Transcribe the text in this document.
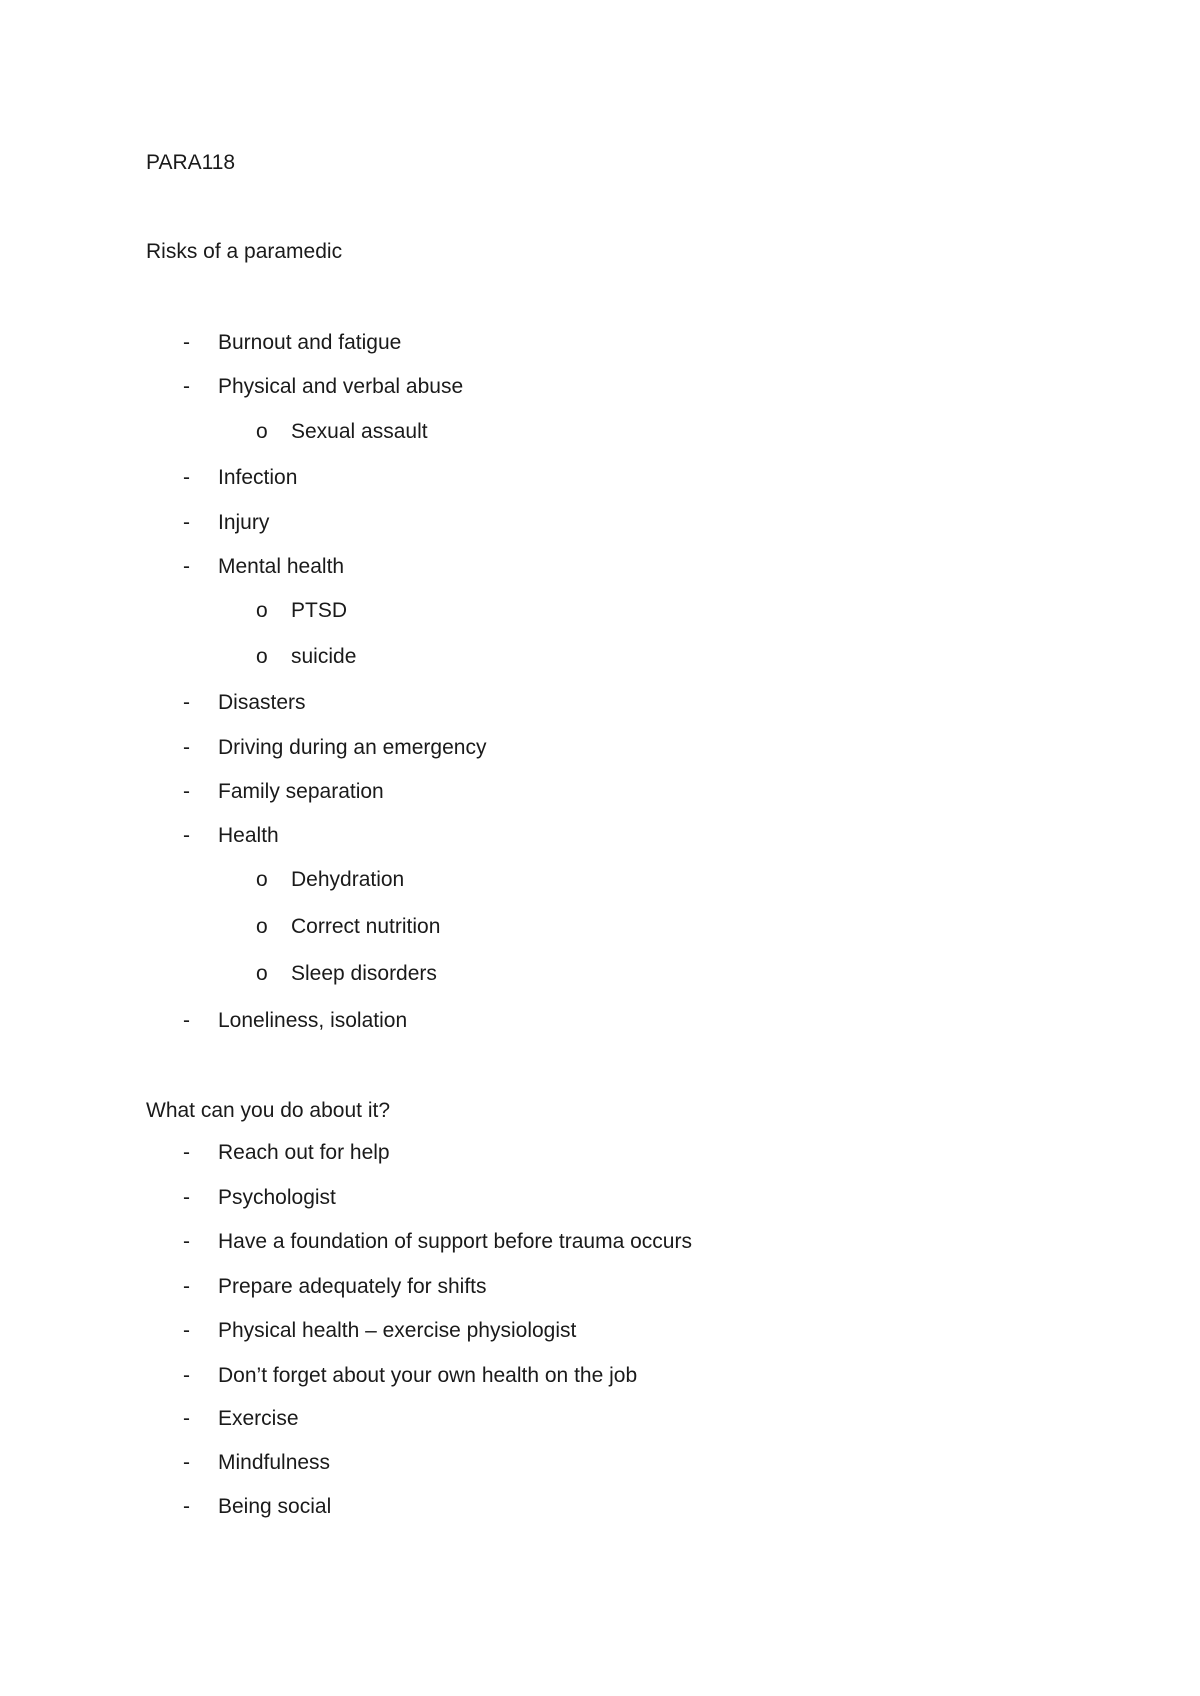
PARA118
Risks of a paramedic
- Burnout and fatigue
- Physical and verbal abuse
o Sexual assault
- Infection
- Injury
- Mental health
o PTSD
o suicide
- Disasters
- Driving during an emergency
- Family separation
- Health
o Dehydration
o Correct nutrition
o Sleep disorders
- Loneliness, isolation
What can you do about it?
- Reach out for help
- Psychologist
- Have a foundation of support before trauma occurs
- Prepare adequately for shifts
- Physical health – exercise physiologist
- Don’t forget about your own health on the job
- Exercise
- Mindfulness
- Being social
